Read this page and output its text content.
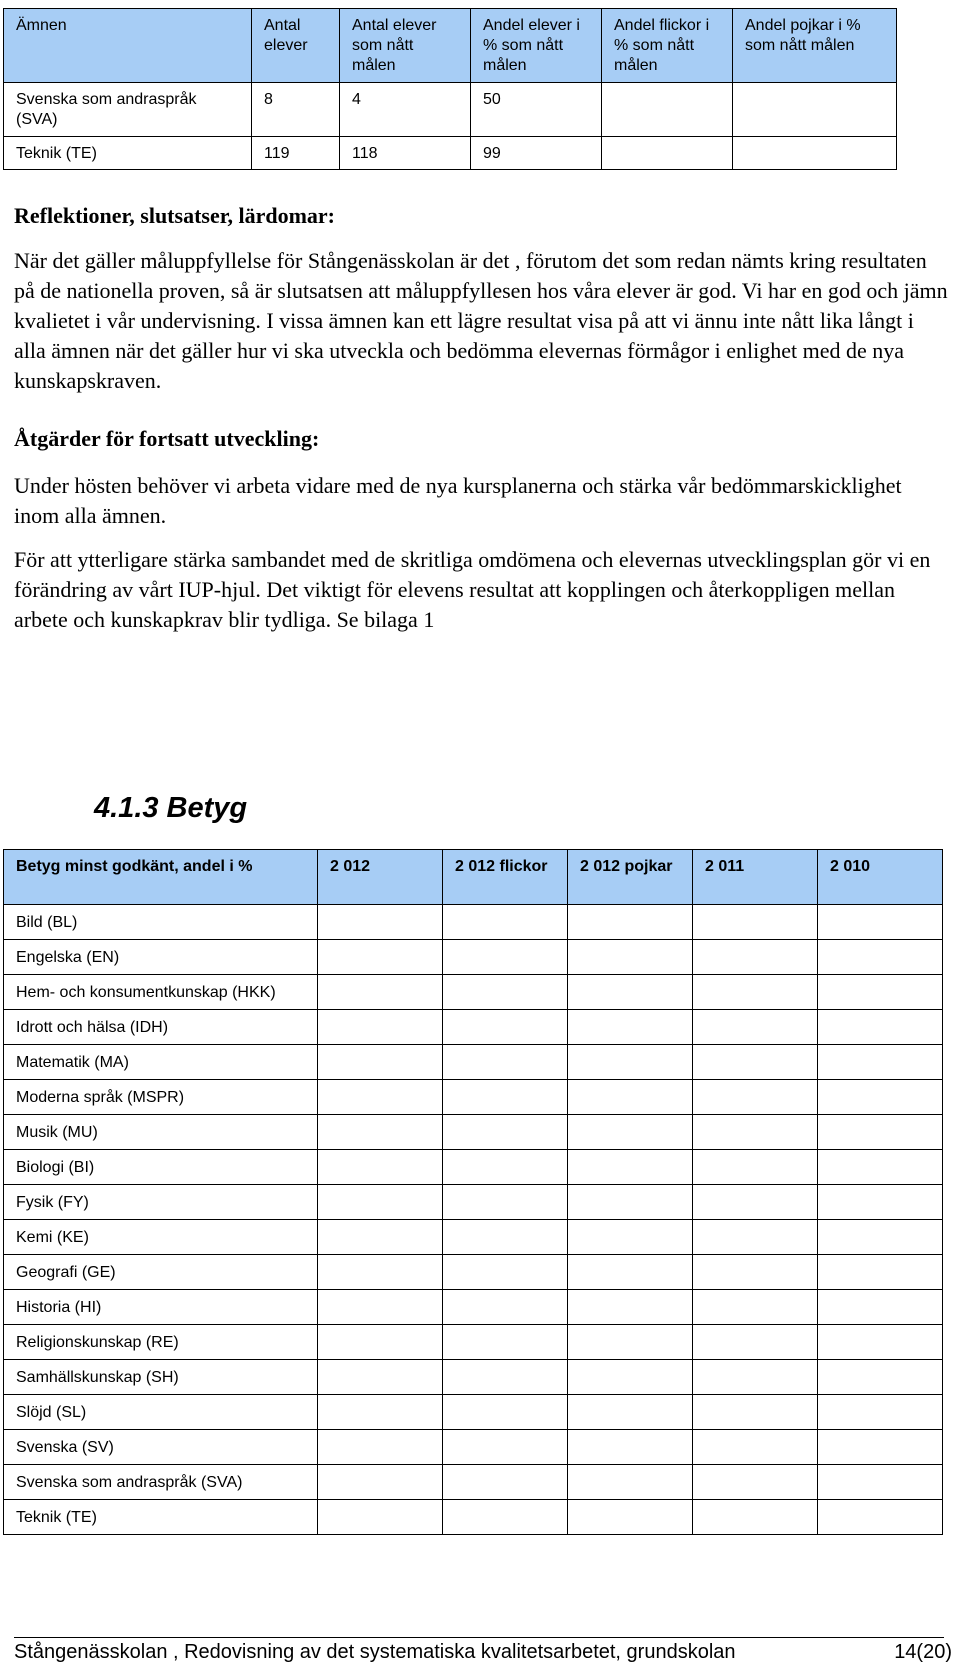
Ämnen	Antal elever	Antal elever som nått målen	Andel elever i % som nått målen	Andel flickor i % som nått målen	Andel pojkar i % som nått målen
Svenska som andraspråk (SVA)	8	4	50		
Teknik (TE)	119	118	99		
Reflektioner, slutsatser, lärdomar:

När det gäller måluppfyllelse för Stångenässkolan är det , förutom det som redan nämts kring resultaten på de nationella proven, så är slutsatsen att måluppfyllesen hos våra elever är god. Vi har en god och jämn kvalietet i vår undervisning. I vissa ämnen kan ett lägre resultat visa på att vi ännu inte nått lika långt i alla ämnen när det gäller hur vi ska utveckla och bedömma elevernas förmågor i enlighet med de nya kunskapskraven.

Åtgärder för fortsatt utveckling:

Under hösten behöver vi arbeta vidare med de nya kursplanerna och stärka vår bedömmarskicklighet inom alla ämnen.

För att ytterligare stärka sambandet med de skritliga omdömena och elevernas utvecklingsplan gör vi en förändring av vårt IUP-hjul. Det viktigt för elevens resultat att kopplingen och återkoppligen mellan arbete och kunskapkrav blir tydliga. Se bilaga 1

4.1.3 Betyg
Betyg minst godkänt, andel i %	2 012	2 012 flickor	2 012 pojkar	2 011	2 010
Bild (BL)					
Engelska (EN)					
Hem- och konsumentkunskap (HKK)					
Idrott och hälsa (IDH)					
Matematik (MA)					
Moderna språk (MSPR)					
Musik (MU)					
Biologi (BI)					
Fysik (FY)					
Kemi (KE)					
Geografi (GE)					
Historia (HI)					
Religionskunskap (RE)					
Samhällskunskap (SH)					
Slöjd (SL)					
Svenska (SV)					
Svenska som andraspråk (SVA)					
Teknik (TE)					
Stångenässkolan , Redovisning av det systematiska kvalitetsarbetet, grundskolan	14(20)
